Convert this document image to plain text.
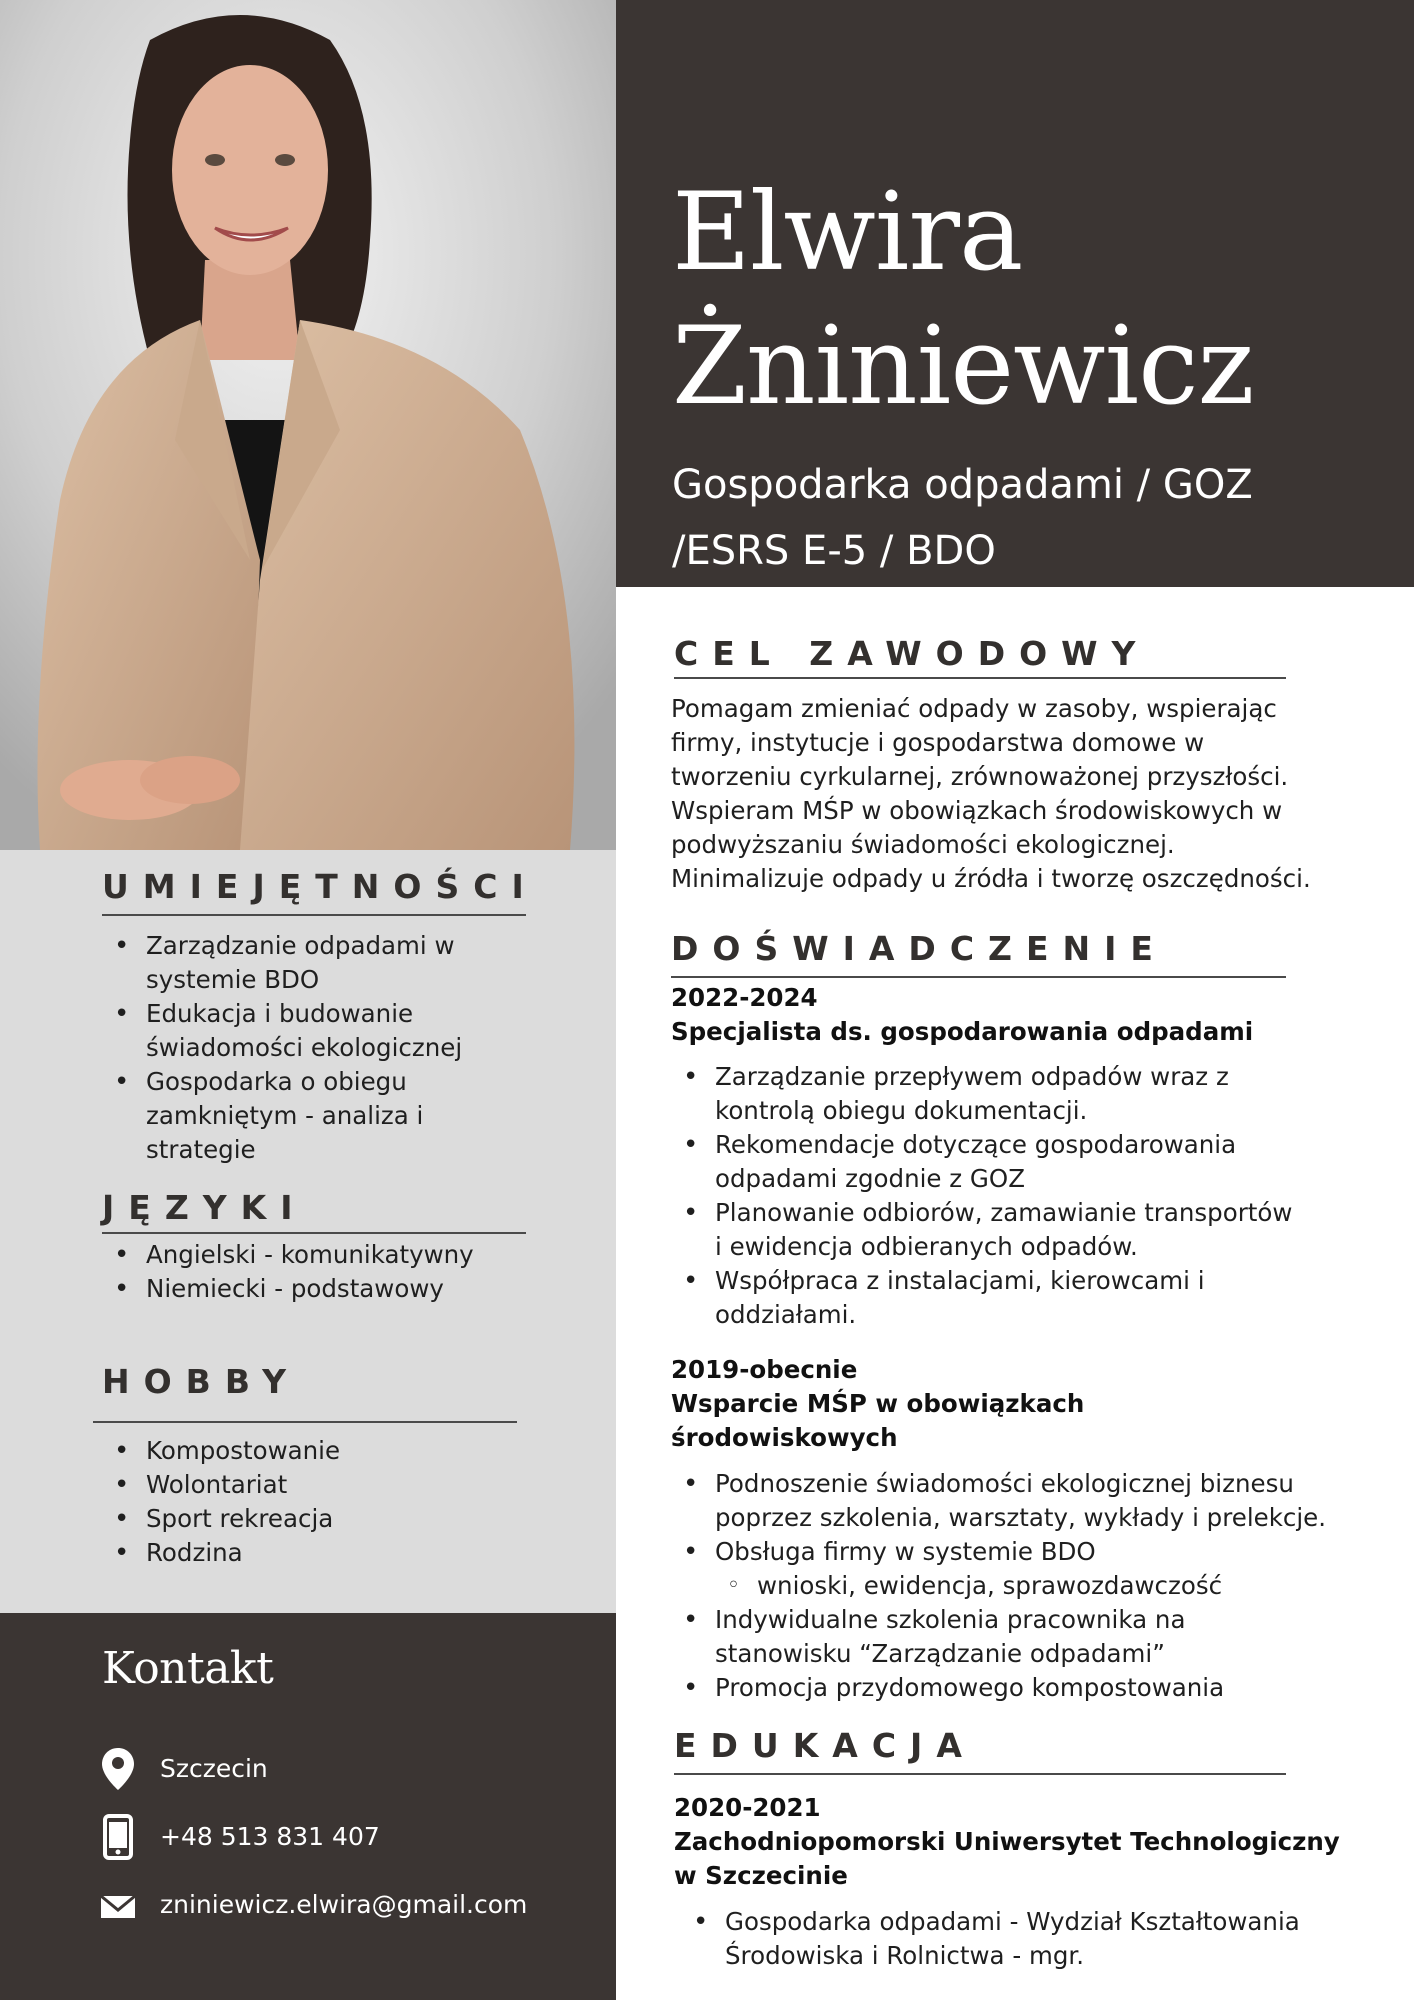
UMIEJĘTNOŚCI
• Zarządzanie odpadami w
systemie BDO
• Edukacja i budowanie
świadomości ekologicznej
• Gospodarka o obiegu
zamkniętym - analiza i
strategie
JĘZYKI
• Angielski - komunikatywny
• Niemiecki - podstawowy
HOBBY
• Kompostowanie
• Wolontariat
• Sport rekreacja
• Rodzina
Kontakt
Szczecin
+48 513 831 407
zniniewicz.elwira@gmail.com
Elwira
Żniniewicz
Gospodarka odpadami / GOZ
/ESRS E-5 / BDO
CEL ZAWODOWY
Pomagam zmieniać odpady w zasoby, wspierając
firmy, instytucje i gospodarstwa domowe w
tworzeniu cyrkularnej, zrównoważonej przyszłości.
Wspieram MŚP w obowiązkach środowiskowych w
podwyższaniu świadomości ekologicznej.
Minimalizuje odpady u źródła i tworzę oszczędności.
DOŚWIADCZENIE
2022-2024
Specjalista ds. gospodarowania odpadami
• Zarządzanie przepływem odpadów wraz z
kontrolą obiegu dokumentacji.
• Rekomendacje dotyczące gospodarowania
odpadami zgodnie z GOZ
• Planowanie odbiorów, zamawianie transportów
i ewidencja odbieranych odpadów.
• Współpraca z instalacjami, kierowcami i
oddziałami.
2019-obecnie
Wsparcie MŚP w obowiązkach
środowiskowych
• Podnoszenie świadomości ekologicznej biznesu
poprzez szkolenia, warsztaty, wykłady i prelekcje.
• Obsługa firmy w systemie BDO
◦ wnioski, ewidencja, sprawozdawczość
• Indywidualne szkolenia pracownika na
stanowisku “Zarządzanie odpadami”
• Promocja przydomowego kompostowania
EDUKACJA
2020-2021
Zachodniopomorski Uniwersytet Technologiczny
w Szczecinie
• Gospodarka odpadami - Wydział Kształtowania
Środowiska i Rolnictwa - mgr.
